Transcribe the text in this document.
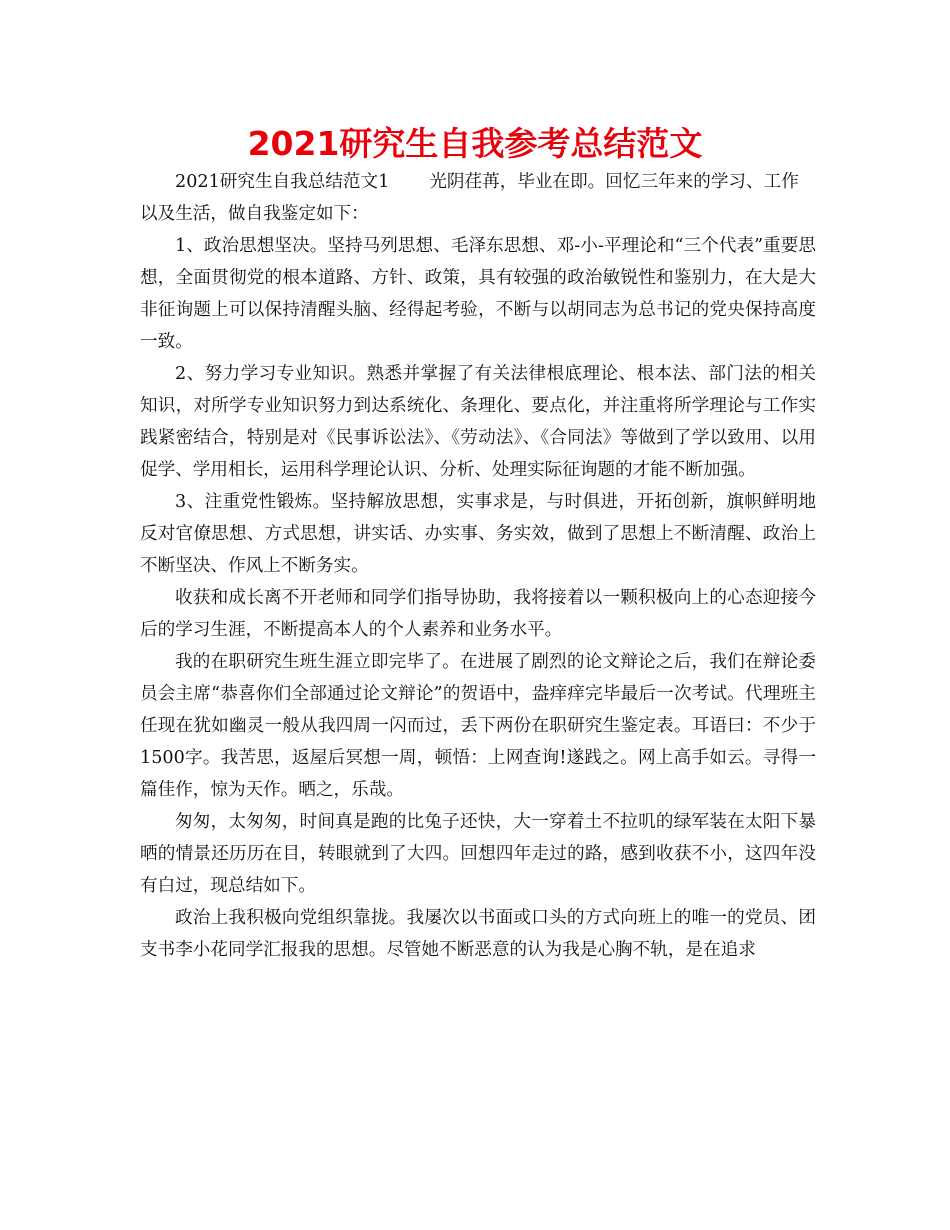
2021研究生自我参考总结范文

2021研究生自我总结范文1 光阴荏苒，毕业在即。回忆三年来的学习、工作以及生活，做自我鉴定如下：

1、政治思想坚决。坚持马列思想、毛泽东思想、邓-小-平理论和“三个代表”重要思想，全面贯彻党的根本道路、方针、政策，具有较强的政治敏锐性和鉴别力，在大是大非征询题上可以保持清醒头脑、经得起考验，不断与以胡同志为总书记的党央保持高度一致。

2、努力学习专业知识。熟悉并掌握了有关法律根底理论、根本法、部门法的相关知识，对所学专业知识努力到达系统化、条理化、要点化，并注重将所学理论与工作实践紧密结合，特别是对《民事诉讼法》、《劳动法》、《合同法》等做到了学以致用、以用促学、学用相长，运用科学理论认识、分析、处理实际征询题的才能不断加强。

3、注重党性锻炼。坚持解放思想，实事求是，与时俱进，开拓创新，旗帜鲜明地反对官僚思想、方式思想，讲实话、办实事、务实效，做到了思想上不断清醒、政治上不断坚决、作风上不断务实。

收获和成长离不开老师和同学们指导协助，我将接着以一颗积极向上的心态迎接今后的学习生涯，不断提高本人的个人素养和业务水平。

我的在职研究生班生涯立即完毕了。在进展了剧烈的论文辩论之后，我们在辩论委员会主席“恭喜你们全部通过论文辩论”的贺语中，盎痒痒完毕最后一次考试。代理班主任现在犹如幽灵一般从我四周一闪而过，丢下两份在职研究生鉴定表。耳语曰：不少于1500字。我苦思，返屋后冥想一周，顿悟：上网查询!遂践之。网上高手如云。寻得一篇佳作，惊为天作。晒之，乐哉。

匆匆，太匆匆，时间真是跑的比兔子还快，大一穿着土不拉叽的绿军装在太阳下暴晒的情景还历历在目，转眼就到了大四。回想四年走过的路，感到收获不小，这四年没有白过，现总结如下。

政治上我积极向党组织靠拢。我屡次以书面或口头的方式向班上的唯一的党员、团支书李小花同学汇报我的思想。尽管她不断恶意的认为我是心胸不轨，是在追求
